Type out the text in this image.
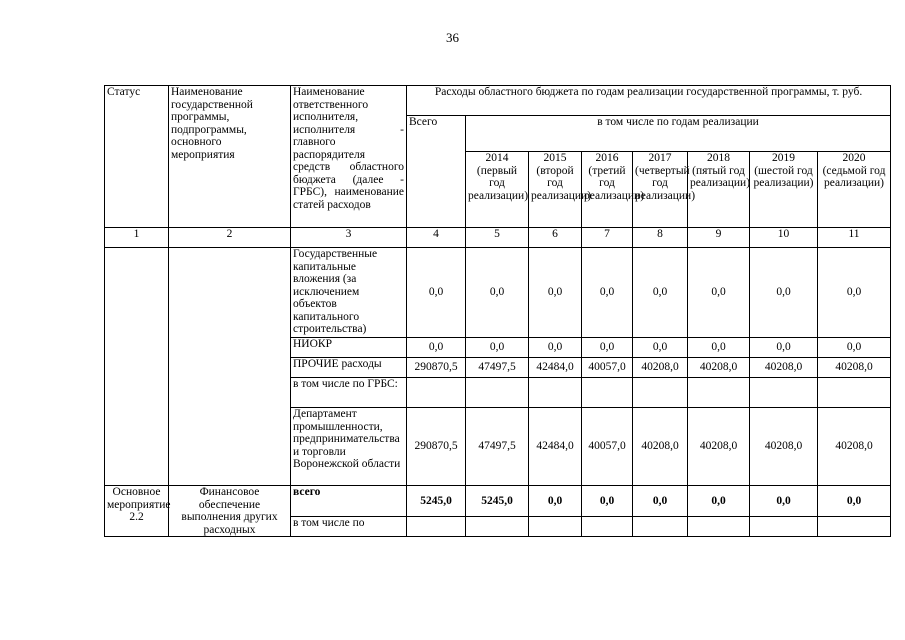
36
Статус	Наименование государственной программы, подпрограммы, основного мероприятия	Наименование ответственного исполнителя, исполнителя - главного распорядителя средств областного бюджета (далее - ГРБС), наименование статей расходов	Расходы областного бюджета по годам реализации государственной программы, т. руб.							
			Всего	в том числе по годам реализации						
				2014 (первый год реализации)	2015 (второй год реализации)	2016 (третий год реализации)	2017 (четвертый год реализации)	2018 (пятый год реализации)	2019 (шестой год реализации)	2020 (седьмой год реализации)
1	2	3	4	5	6	7	8	9	10	11
		Государственные капитальные вложения (за исключением объектов капитального строительства)	0,0	0,0	0,0	0,0	0,0	0,0	0,0	0,0
		НИОКР	0,0	0,0	0,0	0,0	0,0	0,0	0,0	0,0
		ПРОЧИЕ расходы	290870,5	47497,5	42484,0	40057,0	40208,0	40208,0	40208,0	40208,0
		в том числе по ГРБС:								
		Департамент промышленности, предпринимательства и торговли Воронежской области	290870,5	47497,5	42484,0	40057,0	40208,0	40208,0	40208,0	40208,0
Основное мероприятие 2.2	Финансовое обеспечение выполнения других расходных	всего	5245,0	5245,0	0,0	0,0	0,0	0,0	0,0	0,0
		в том числе по								
